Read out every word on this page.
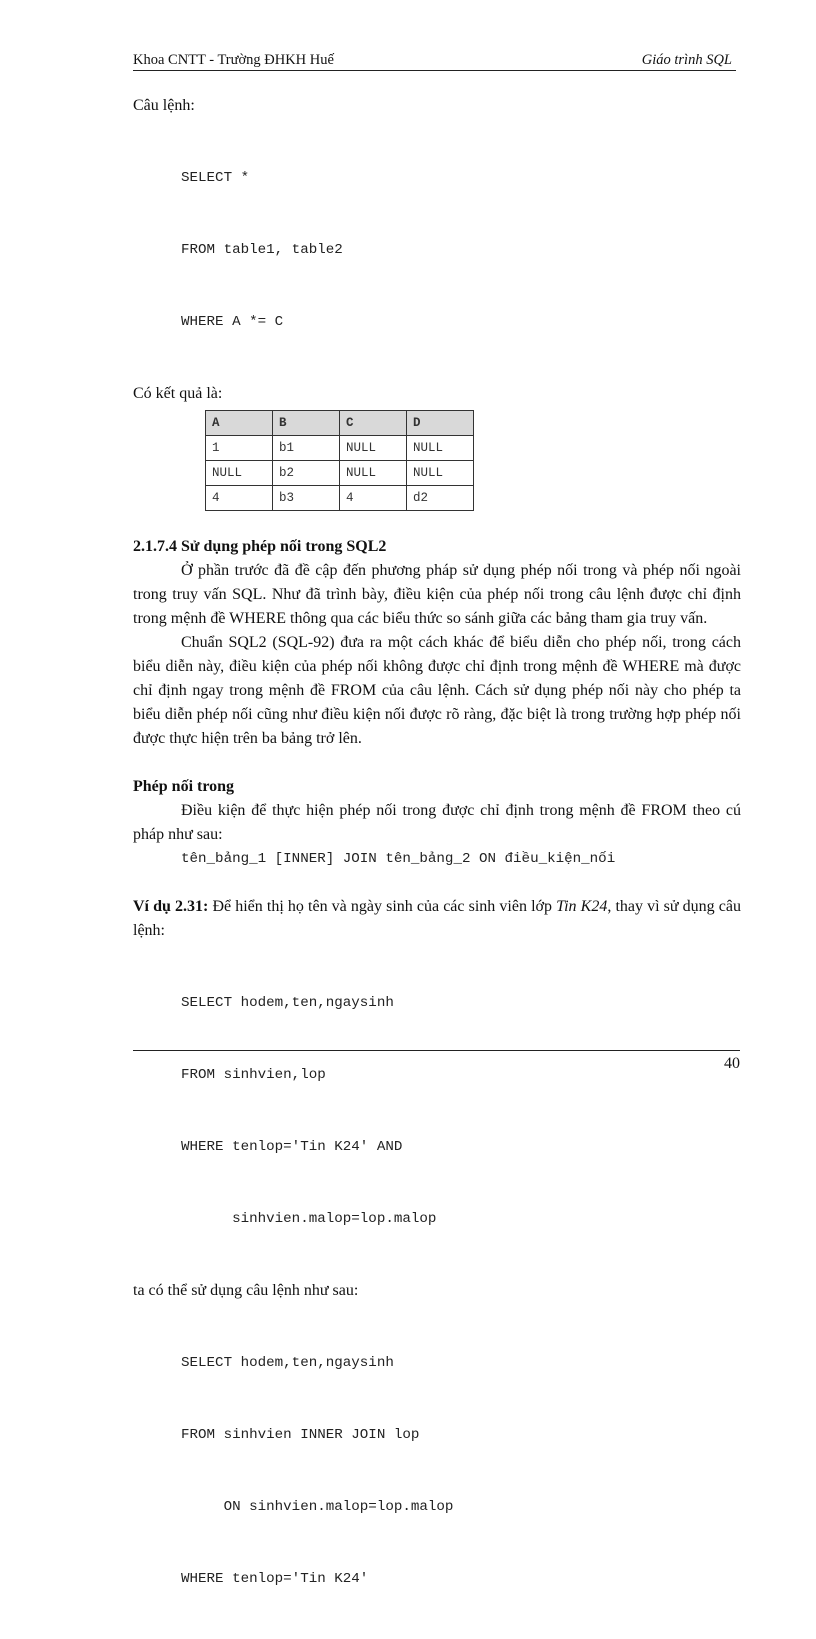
Khoa CNTT - Trường ĐHKH Huế	Giáo trình SQL

Câu lệnh:

SELECT *

FROM table1, table2

WHERE A *= C

Có kết quả là:

A	B	C	D
1	b1	NULL	NULL
NULL	b2	NULL	NULL
4	b3	4	d2

2.1.7.4 Sử dụng phép nối trong SQL2

Ở phần trước đã đề cập đến phương pháp sử dụng phép nối trong và phép nối ngoài trong truy vấn SQL. Như đã trình bày, điều kiện của phép nối trong câu lệnh được chỉ định trong mệnh đề WHERE thông qua các biểu thức so sánh giữa các bảng tham gia truy vấn.

Chuẩn SQL2 (SQL-92) đưa ra một cách khác để biểu diễn cho phép nối, trong cách biểu diễn này, điều kiện của phép nối không được chỉ định trong mệnh đề WHERE mà được chỉ định ngay trong mệnh đề FROM của câu lệnh. Cách sử dụng phép nối này cho phép ta biểu diễn phép nối cũng như điều kiện nối được rõ ràng, đặc biệt là trong trường hợp phép nối được thực hiện trên ba bảng trở lên.

Phép nối trong

Điều kiện để thực hiện phép nối trong được chỉ định trong mệnh đề FROM theo cú pháp như sau:

tên_bảng_1 [INNER] JOIN tên_bảng_2 ON điều_kiện_nối

Ví dụ 2.31: Để hiển thị họ tên và ngày sinh của các sinh viên lớp Tin K24, thay vì sử dụng câu lệnh:

SELECT hodem,ten,ngaysinh

FROM sinhvien,lop

WHERE tenlop='Tin K24' AND

sinhvien.malop=lop.malop

ta có thể sử dụng câu lệnh như sau:

SELECT hodem,ten,ngaysinh

FROM sinhvien INNER JOIN lop

ON sinhvien.malop=lop.malop

WHERE tenlop='Tin K24'

40
